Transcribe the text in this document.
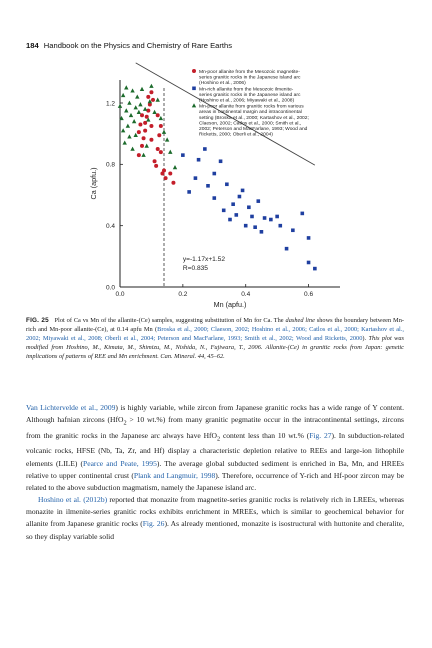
184 Handbook on the Physics and Chemistry of Rare Earths
0.0	0.2	0.4	0.6
0.0
0.4
0.8
1.2
Mn (apfu.)
Ca (apfu.)
y=-1.17x+1.52
R=0.835
Mn-poor allanite from the Mesozoic magnetite-series granitic rocks in the Japanese island arc (Hoshino et al., 2006)
Mn-rich allanite from the Mesozoic ilmenite-series granitic rocks in the Japanese island arc (Hoshino et al., 2006; Miyawaki et al., 2008)
Mn-poor allanite from granitic rocks from various areas in continental margin and intracontinental setting (Broska et al., 2000; Kartashov et al., 2002; Claeson, 2002; Catlos et al., 2000; Smith et al., 2002; Peterson and MacFarlane, 1993; Wood and Ricketts, 2000; Oberli et al., 2004)
FIG. 25 Plot of Ca vs Mn of the allanite-(Ce) samples, suggesting substitution of Mn for Ca. The dashed line shows the boundary between Mn-rich and Mn-poor allanite-(Ce), at 0.14 apfu Mn (Broska et al., 2000; Claeson, 2002; Hoshino et al., 2006; Catlos et al., 2000; Kartashov et al., 2002; Miyawaki et al., 2008; Oberli et al., 2004; Peterson and MacFarlane, 1993; Smith et al., 2002; Wood and Ricketts, 2000). This plot was modified from Hoshino, M., Kimata, M., Shimizu, M., Nishida, N., Fujiwara, T., 2006. Allanite-(Ce) in granitic rocks from Japan: genetic implications of patterns of REE and Mn enrichment. Can. Mineral. 44, 45–62.

Van Lichtervelde et al., 2009) is highly variable, while zircon from Japanese granitic rocks has a wide range of Y content. Although hafnian zircons (HfO$_2$ > 10 wt.%) from many granitic pegmatite occur in the intracontinental settings, zircons from the granitic rocks in the Japanese arc always have HfO$_2$ content less than 10 wt.% (Fig. 27). In subduction-related volcanic rocks, HFSE (Nb, Ta, Zr, and Hf) display a characteristic depletion relative to REEs and large-ion lithophile elements (LILE) (Pearce and Peate, 1995). The average global subducted sediment is enriched in Ba, Mn, and HREEs relative to upper continental crust (Plank and Langmuir, 1998). Therefore, occurrence of Y-rich and Hf-poor zircon may be related to the above subduction magmatism, namely the Japanese island arc.

Hoshino et al. (2012b) reported that monazite from magnetite-series granitic rocks is relatively rich in LREEs, whereas monazite in ilmenite-series granitic rocks exhibits enrichment in MREEs, which is similar to geochemical behavior for allanite from Japanese granitic rocks (Fig. 26). As already mentioned, monazite is isostructural with huttonite and cheralite, so they display variable solid
